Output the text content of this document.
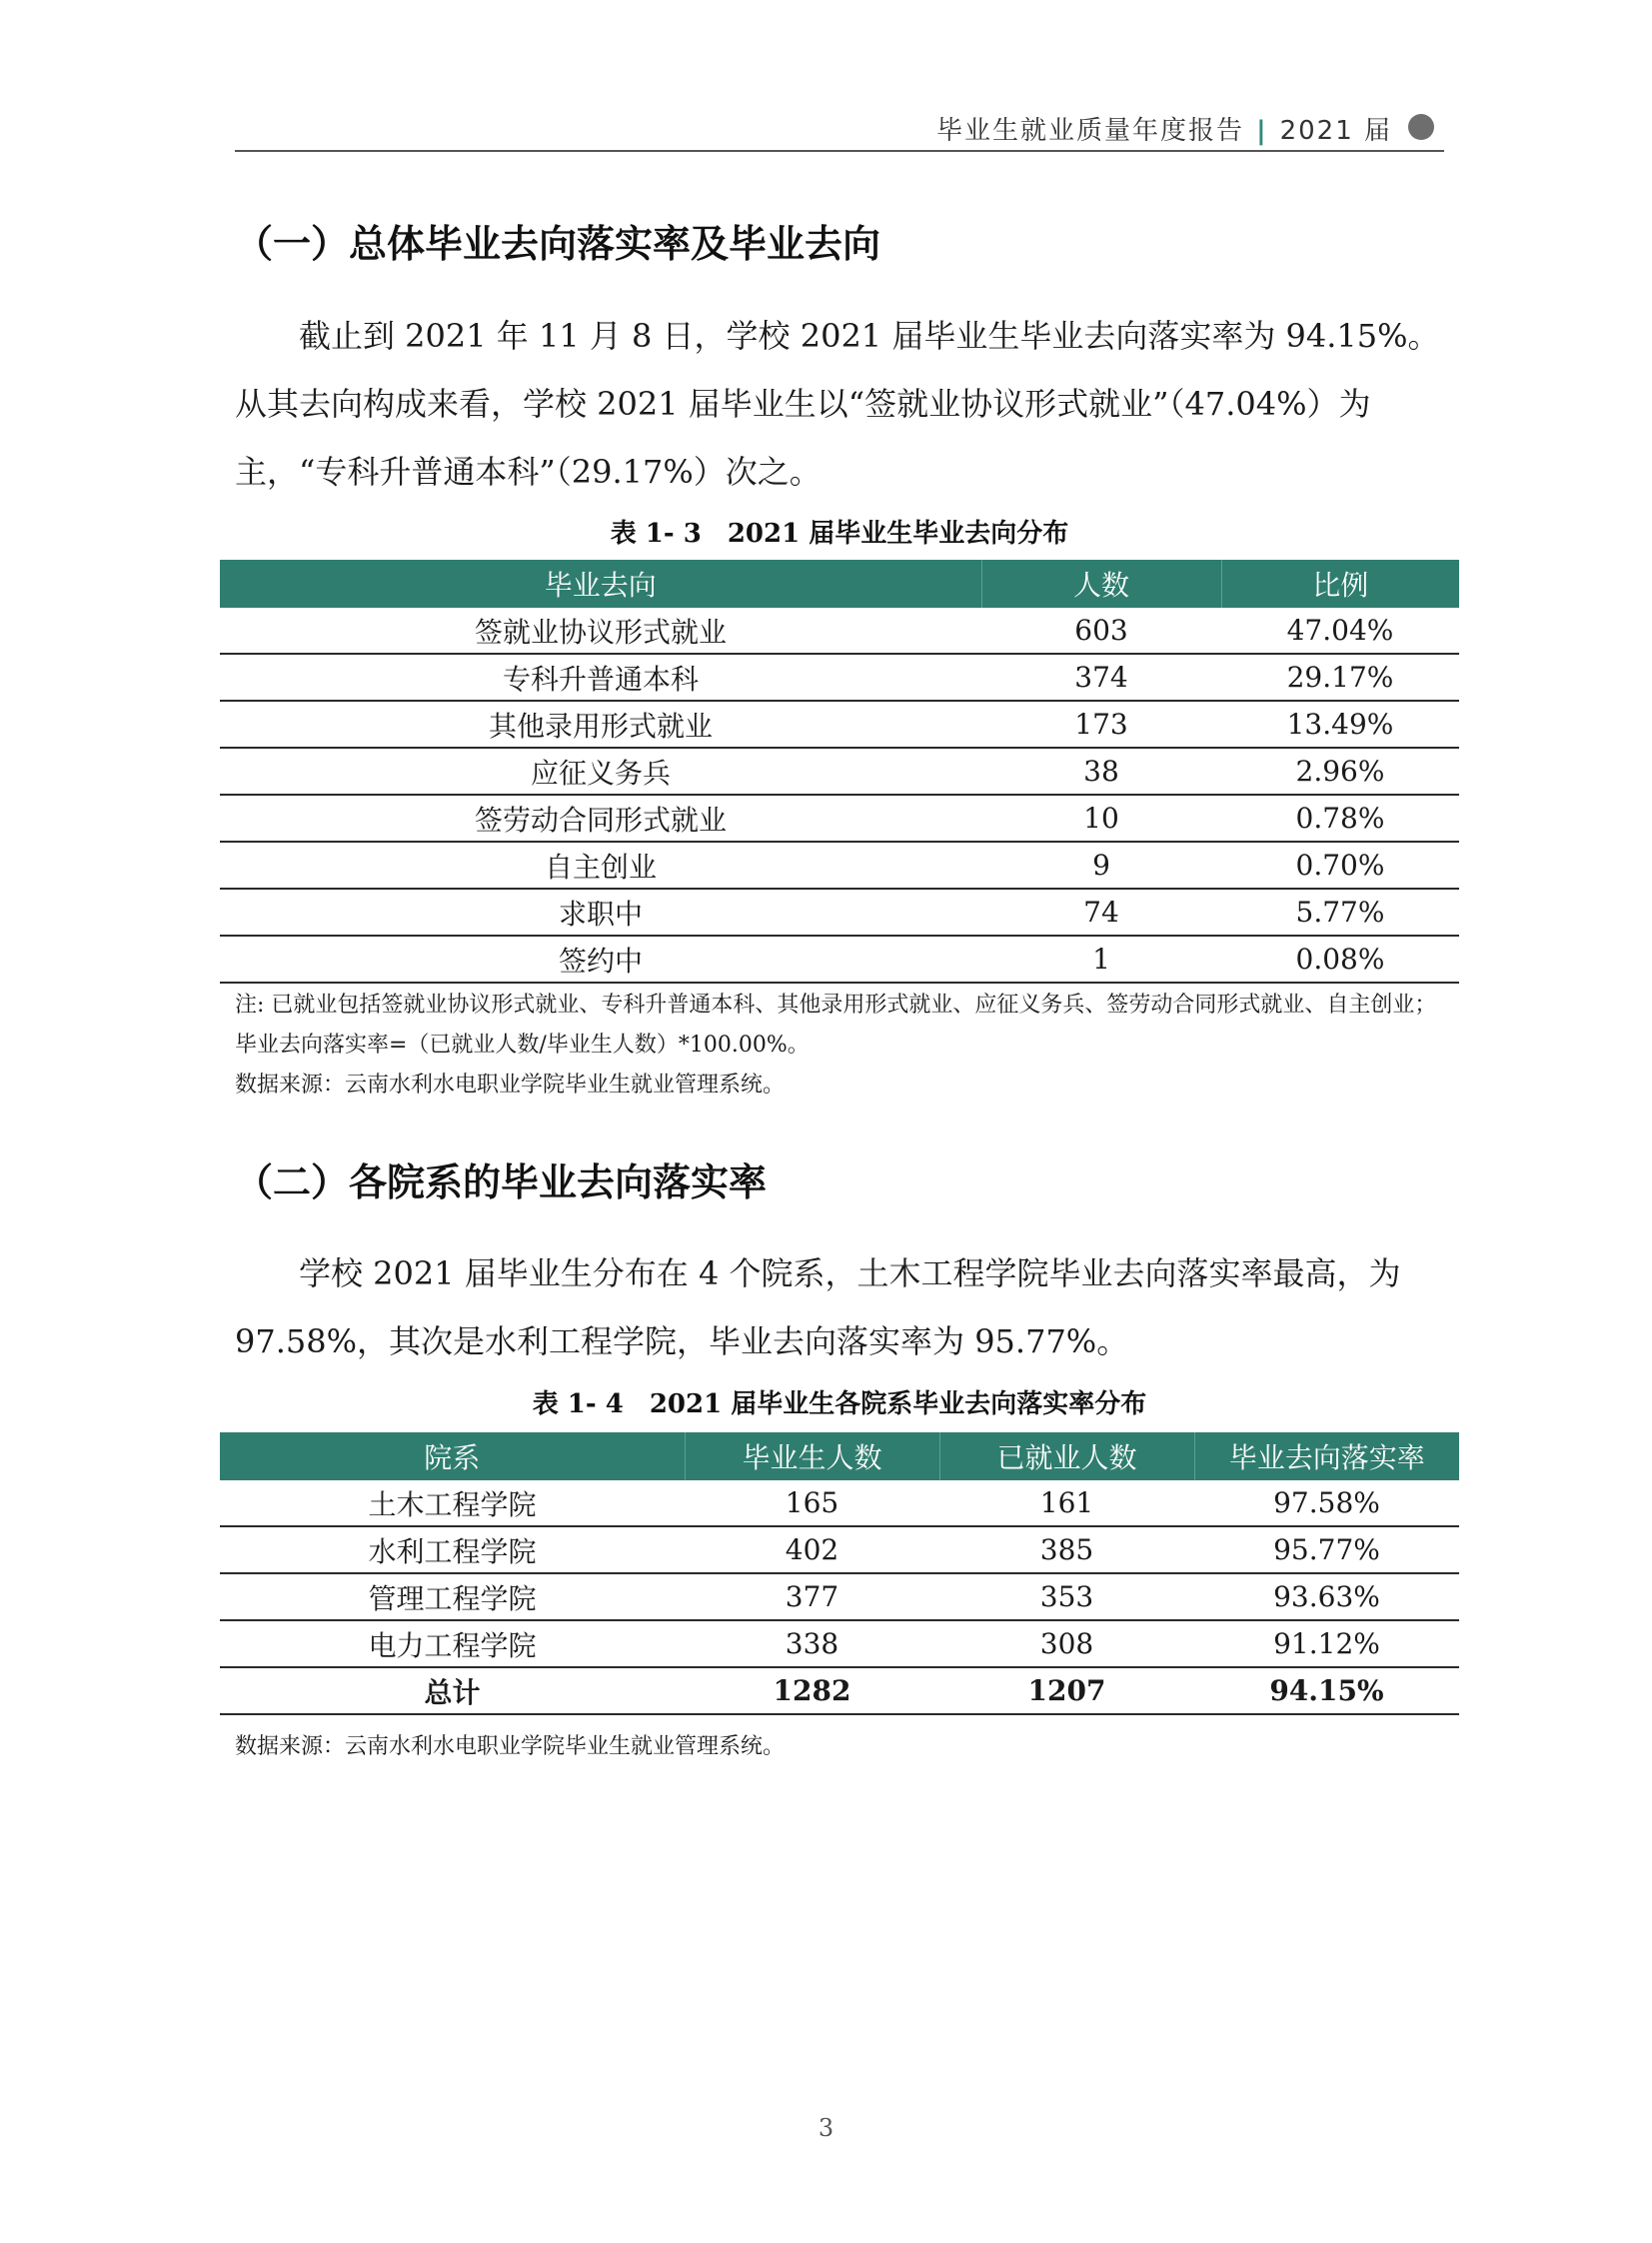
毕业生就业质量年度报告 | 2021 届
（一）总体毕业去向落实率及毕业去向
截止到 2021 年 11 月 8 日，学校 2021 届毕业生毕业去向落实率为 94.15%。从其去向构成来看，学校 2021 届毕业生以“签就业协议形式就业”（47.04%）为主，“专科升普通本科”（29.17%）次之。
表 1- 3　2021 届毕业生毕业去向分布
毕业去向	人数	比例
签就业协议形式就业	603	47.04%
专科升普通本科	374	29.17%
其他录用形式就业	173	13.49%
应征义务兵	38	2.96%
签劳动合同形式就业	10	0.78%
自主创业	9	0.70%
求职中	74	5.77%
签约中	1	0.08%
注: 已就业包括签就业协议形式就业、专科升普通本科、其他录用形式就业、应征义务兵、签劳动合同形式就业、自主创业；毕业去向落实率=（已就业人数/毕业生人数）*100.00%。
数据来源：云南水利水电职业学院毕业生就业管理系统。
（二）各院系的毕业去向落实率
学校 2021 届毕业生分布在 4 个院系，土木工程学院毕业去向落实率最高，为 97.58%，其次是水利工程学院，毕业去向落实率为 95.77%。
表 1- 4　2021 届毕业生各院系毕业去向落实率分布
院系	毕业生人数	已就业人数	毕业去向落实率
土木工程学院	165	161	97.58%
水利工程学院	402	385	95.77%
管理工程学院	377	353	93.63%
电力工程学院	338	308	91.12%
总计	1282	1207	94.15%
数据来源：云南水利水电职业学院毕业生就业管理系统。
3
